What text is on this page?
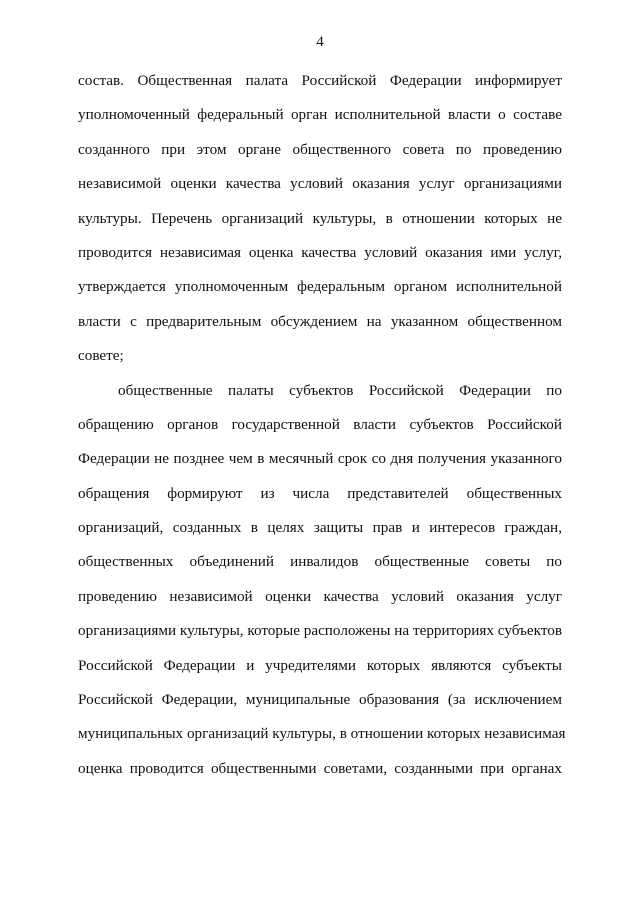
4
состав. Общественная палата Российской Федерации информирует
уполномоченный федеральный орган исполнительной власти о составе
созданного при этом органе общественного совета по проведению
независимой оценки качества условий оказания услуг организациями
культуры. Перечень организаций культуры, в отношении которых не
проводится независимая оценка качества условий оказания ими услуг,
утверждается уполномоченным федеральным органом исполнительной
власти с предварительным обсуждением на указанном общественном
совете;
общественные палаты субъектов Российской Федерации по
обращению органов государственной власти субъектов Российской
Федерации не позднее чем в месячный срок со дня получения указанного
обращения формируют из числа представителей общественных
организаций, созданных в целях защиты прав и интересов граждан,
общественных объединений инвалидов общественные советы по
проведению независимой оценки качества условий оказания услуг
организациями культуры, которые расположены на территориях субъектов
Российской Федерации и учредителями которых являются субъекты
Российской Федерации, муниципальные образования (за исключением
муниципальных организаций культуры, в отношении которых независимая
оценка проводится общественными советами, созданными при органах
